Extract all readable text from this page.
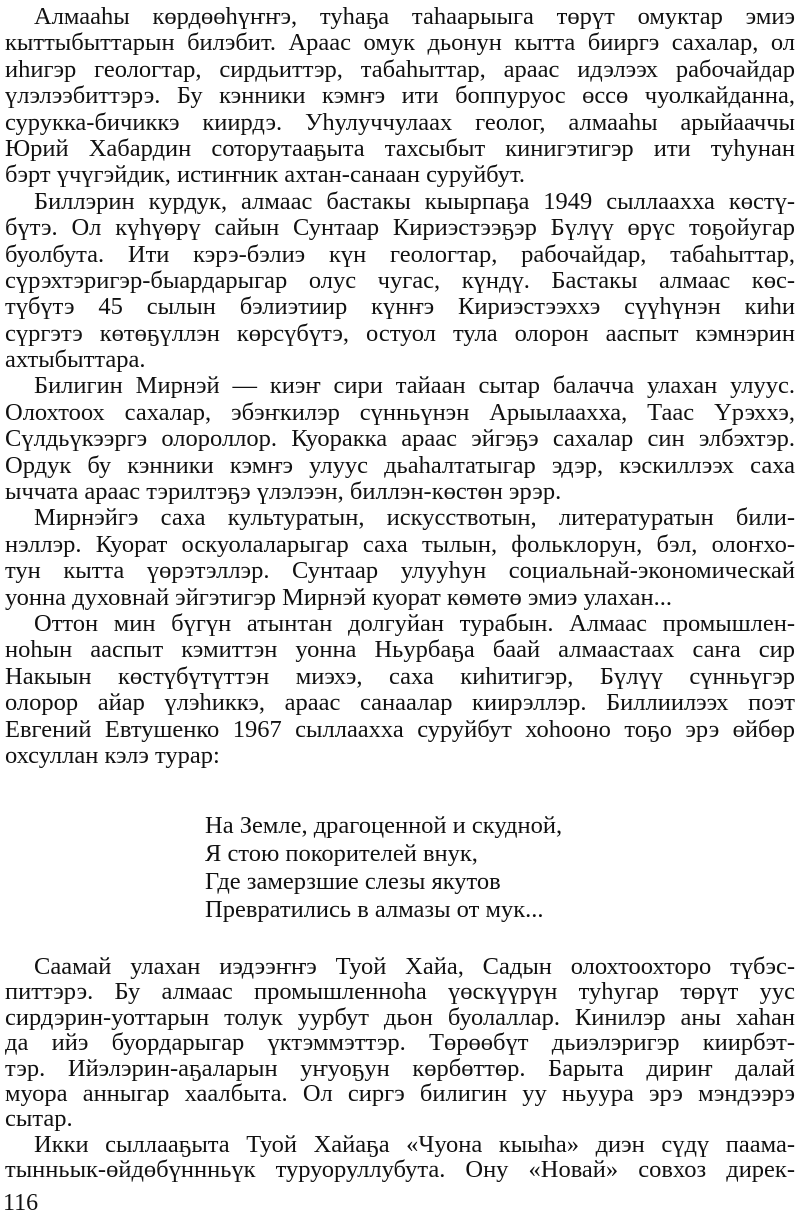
Алмааһы көрдөөһүҥҥэ, туһаҕа таһаарыыга төрүт омуктар эмиэ
кыттыбыттарын билэбит. Араас омук дьонун кытта бииргэ сахалар, ол
иһигэр геологтар, сирдьиттэр, табаһыттар, араас идэлээх рабочайдар
үлэлээбиттэрэ. Бу кэнники кэмҥэ ити боппуруос өссө чуолкайданна,
сурукка-бичиккэ киирдэ. Уһулуччулаах геолог, алмааһы арыйааччы
Юрий Хабардин соторутааҕыта тахсыбыт кинигэтигэр ити туһунан
бэрт үчүгэйдик, истиҥник ахтан-санаан суруйбут.
Биллэрин курдук, алмаас бастакы кыырпаҕа 1949 сыллаахха көстү-
бүтэ. Ол күһүөрү сайын Сунтаар Кириэстээҕэр Бүлүү өрүс тоҕойугар
буолбута. Ити кэрэ-бэлиэ күн геологтар, рабочайдар, табаһыттар,
сүрэхтэригэр-быардарыгар олус чугас, күндү. Бастакы алмаас көс-
түбүтэ 45 сылын бэлиэтиир күнҥэ Кириэстээххэ сүүһүнэн киһи
сүргэтэ көтөҕүллэн көрсүбүтэ, остуол тула олорон ааспыт кэмнэрин
ахтыбыттара.
Билигин Мирнэй — киэҥ сири тайаан сытар балачча улахан улуус.
Олохтоох сахалар, эбэҥкилэр сүнньүнэн Арыылаахха, Таас Үрэххэ,
Сүлдьүкээргэ олороллор. Куоракка араас эйгэҕэ сахалар син элбэхтэр.
Ордук бу кэнники кэмҥэ улуус дьаһалтатыгар эдэр, кэскиллээх саха
ыччата араас тэрилтэҕэ үлэлээн, биллэн-көстөн эрэр.
Мирнэйгэ саха культуратын, искусствотын, литературатын били-
нэллэр. Куорат оскуолаларыгар саха тылын, фольклорун, бэл, олоҥхо-
тун кытта үөрэтэллэр. Сунтаар улууһун социальнай-экономическай
уонна духовнай эйгэтигэр Мирнэй куорат көмөтө эмиэ улахан...
Оттон мин бүгүн атынтан долгуйан турабын. Алмаас промышлен-
ноһын ааспыт кэмиттэн уонна Ньурбаҕа баай алмаастаах саҥа сир
Накыын көстүбүтүттэн миэхэ, саха киһитигэр, Бүлүү сүнньүгэр
олорор айар үлэһиккэ, араас санаалар киирэллэр. Биллиилээх поэт
Евгений Евтушенко 1967 сыллаахха суруйбут хоһооно тоҕо эрэ өйбөр
охсуллан кэлэ турар:
На Земле, драгоценной и скудной,
Я стою покорителей внук,
Где замерзшие слезы якутов
Превратились в алмазы от мук...
Саамай улахан иэдээҥҥэ Туой Хайа, Садын олохтоохторо түбэс-
питтэрэ. Бу алмаас промышленноһа үөскүүрүн туһугар төрүт уус
сирдэрин-уоттарын толук уурбут дьон буолаллар. Кинилэр аны хаһан
да ийэ буордарыгар үктэммэттэр. Төрөөбүт дьиэлэригэр киирбэт-
тэр. Ийэлэрин-аҕаларын уҥуоҕун көрбөттөр. Барыта дириҥ далай
муора анныгар хаалбыта. Ол сиргэ билигин уу ньуура эрэ мэндээрэ
сытар.
Икки сыллааҕыта Туой Хайаҕа «Чуона кыыһа» диэн сүдү паама-
тынньык-өйдөбүннньүк туруоруллубута. Ону «Новай» совхоз дирек-
116
